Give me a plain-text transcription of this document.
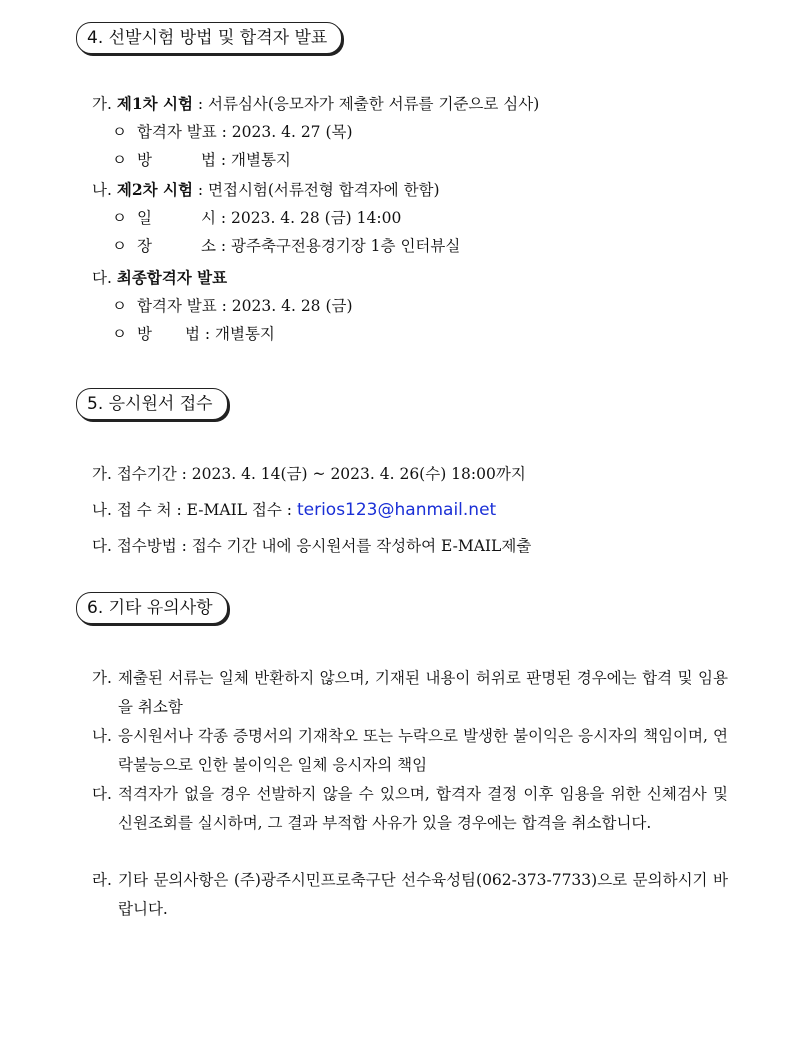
4. 선발시험 방법 및 합격자 발표
가. 제1차 시험 : 서류심사(응모자가 제출한 서류를 기준으로 심사)
ㅇ 합격자 발표 : 2023. 4. 27 (목)
ㅇ 방	법 : 개별통지
나. 제2차 시험 : 면접시험(서류전형 합격자에 한함)
ㅇ 일	시 : 2023. 4. 28 (금) 14:00
ㅇ 장	소 : 광주축구전용경기장 1층 인터뷰실
다. 최종합격자 발표
ㅇ 합격자 발표 : 2023. 4. 28 (금)
ㅇ 방 법 : 개별통지
5. 응시원서 접수
가. 접수기간 : 2023. 4. 14(금) ~ 2023. 4. 26(수) 18:00까지
나. 접 수 처 : E-MAIL 접수 : terios123@hanmail.net
다. 접수방법 : 접수 기간 내에 응시원서를 작성하여 E-MAIL제출
6. 기타 유의사항
가. 제출된 서류는 일체 반환하지 않으며, 기재된 내용이 허위로 판명된 경우에는 합격 및 임용을 취소함
나. 응시원서나 각종 증명서의 기재착오 또는 누락으로 발생한 불이익은 응시자의 책임이며, 연락불능으로 인한 불이익은 일체 응시자의 책임
다. 적격자가 없을 경우 선발하지 않을 수 있으며, 합격자 결정 이후 임용을 위한 신체검사 및 신원조회를 실시하며, 그 결과 부적합 사유가 있을 경우에는 합격을 취소합니다.
라. 기타 문의사항은 (주)광주시민프로축구단 선수육성팀(062-373-7733)으로 문의하시기 바랍니다.
